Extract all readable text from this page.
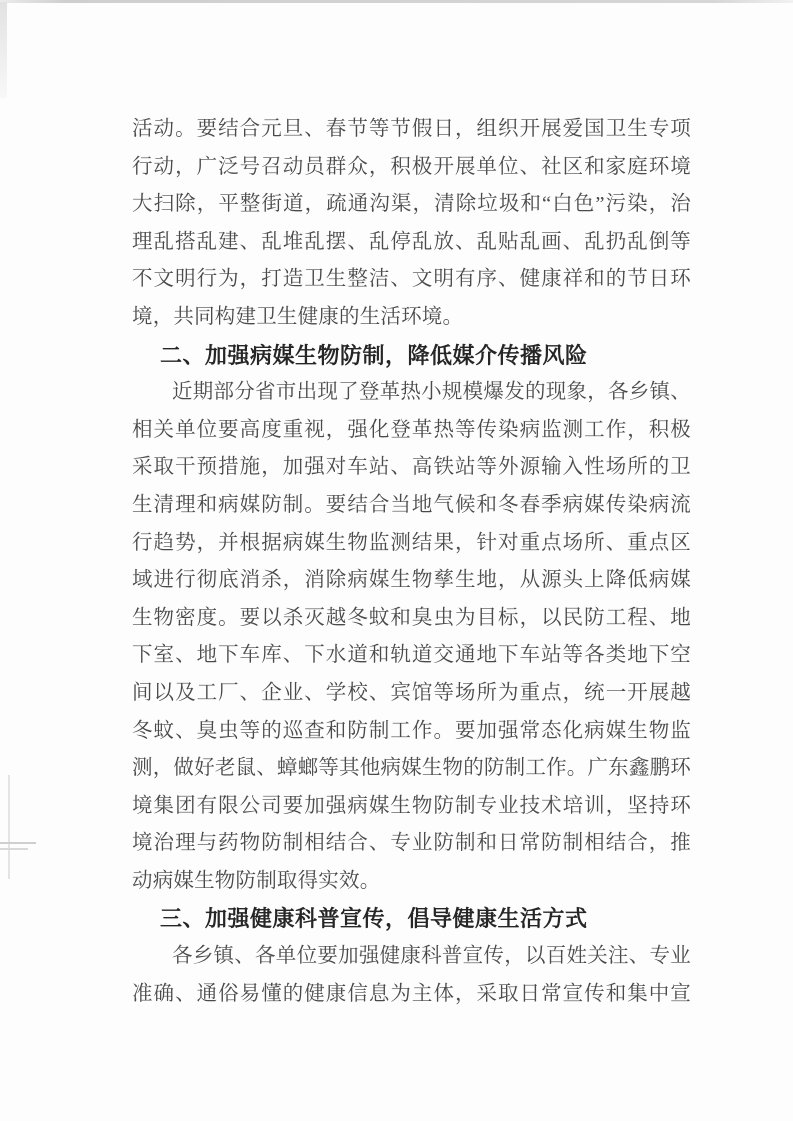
活动。要结合元旦、春节等节假日，组织开展爱国卫生专项
行动，广泛号召动员群众，积极开展单位、社区和家庭环境
大扫除，平整街道，疏通沟渠，清除垃圾和“白色”污染，治
理乱搭乱建、乱堆乱摆、乱停乱放、乱贴乱画、乱扔乱倒等
不文明行为，打造卫生整洁、文明有序、健康祥和的节日环
境，共同构建卫生健康的生活环境。
二、加强病媒生物防制，降低媒介传播风险
近期部分省市出现了登革热小规模爆发的现象，各乡镇、
相关单位要高度重视，强化登革热等传染病监测工作，积极
采取干预措施，加强对车站、高铁站等外源输入性场所的卫
生清理和病媒防制。要结合当地气候和冬春季病媒传染病流
行趋势，并根据病媒生物监测结果，针对重点场所、重点区
域进行彻底消杀，消除病媒生物孳生地，从源头上降低病媒
生物密度。要以杀灭越冬蚊和臭虫为目标，以民防工程、地
下室、地下车库、下水道和轨道交通地下车站等各类地下空
间以及工厂、企业、学校、宾馆等场所为重点，统一开展越
冬蚊、臭虫等的巡查和防制工作。要加强常态化病媒生物监
测，做好老鼠、蟑螂等其他病媒生物的防制工作。广东鑫鹏环
境集团有限公司要加强病媒生物防制专业技术培训，坚持环
境治理与药物防制相结合、专业防制和日常防制相结合，推
动病媒生物防制取得实效。
三、加强健康科普宣传，倡导健康生活方式
各乡镇、各单位要加强健康科普宣传，以百姓关注、专业
准确、通俗易懂的健康信息为主体，采取日常宣传和集中宣
